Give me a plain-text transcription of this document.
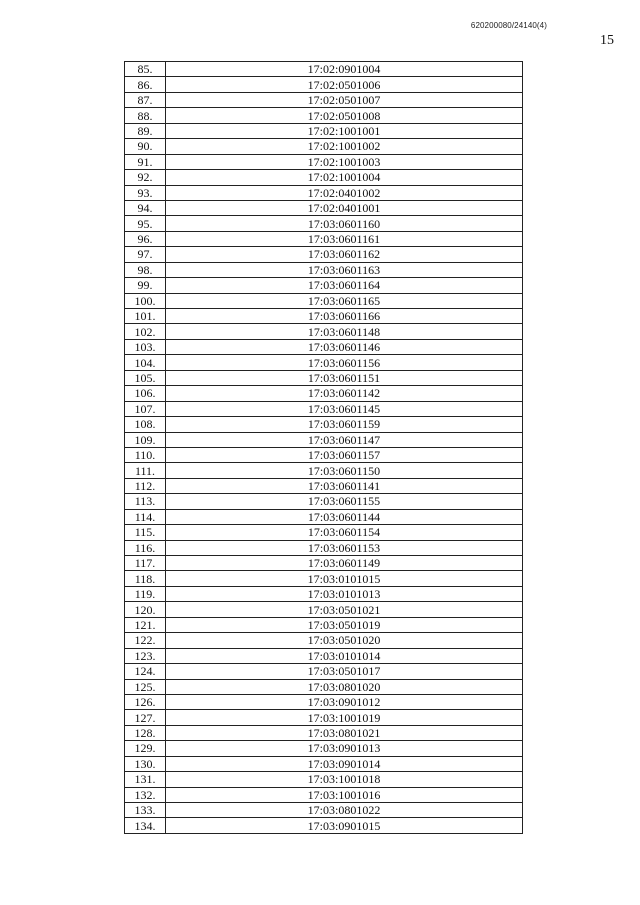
620200080/24140(4)
15
85.	17:02:0901004
86.	17:02:0501006
87.	17:02:0501007
88.	17:02:0501008
89.	17:02:1001001
90.	17:02:1001002
91.	17:02:1001003
92.	17:02:1001004
93.	17:02:0401002
94.	17:02:0401001
95.	17:03:0601160
96.	17:03:0601161
97.	17:03:0601162
98.	17:03:0601163
99.	17:03:0601164
100.	17:03:0601165
101.	17:03:0601166
102.	17:03:0601148
103.	17:03:0601146
104.	17:03:0601156
105.	17:03:0601151
106.	17:03:0601142
107.	17:03:0601145
108.	17:03:0601159
109.	17:03:0601147
110.	17:03:0601157
111.	17:03:0601150
112.	17:03:0601141
113.	17:03:0601155
114.	17:03:0601144
115.	17:03:0601154
116.	17:03:0601153
117.	17:03:0601149
118.	17:03:0101015
119.	17:03:0101013
120.	17:03:0501021
121.	17:03:0501019
122.	17:03:0501020
123.	17:03:0101014
124.	17:03:0501017
125.	17:03:0801020
126.	17:03:0901012
127.	17:03:1001019
128.	17:03:0801021
129.	17:03:0901013
130.	17:03:0901014
131.	17:03:1001018
132.	17:03:1001016
133.	17:03:0801022
134.	17:03:0901015
